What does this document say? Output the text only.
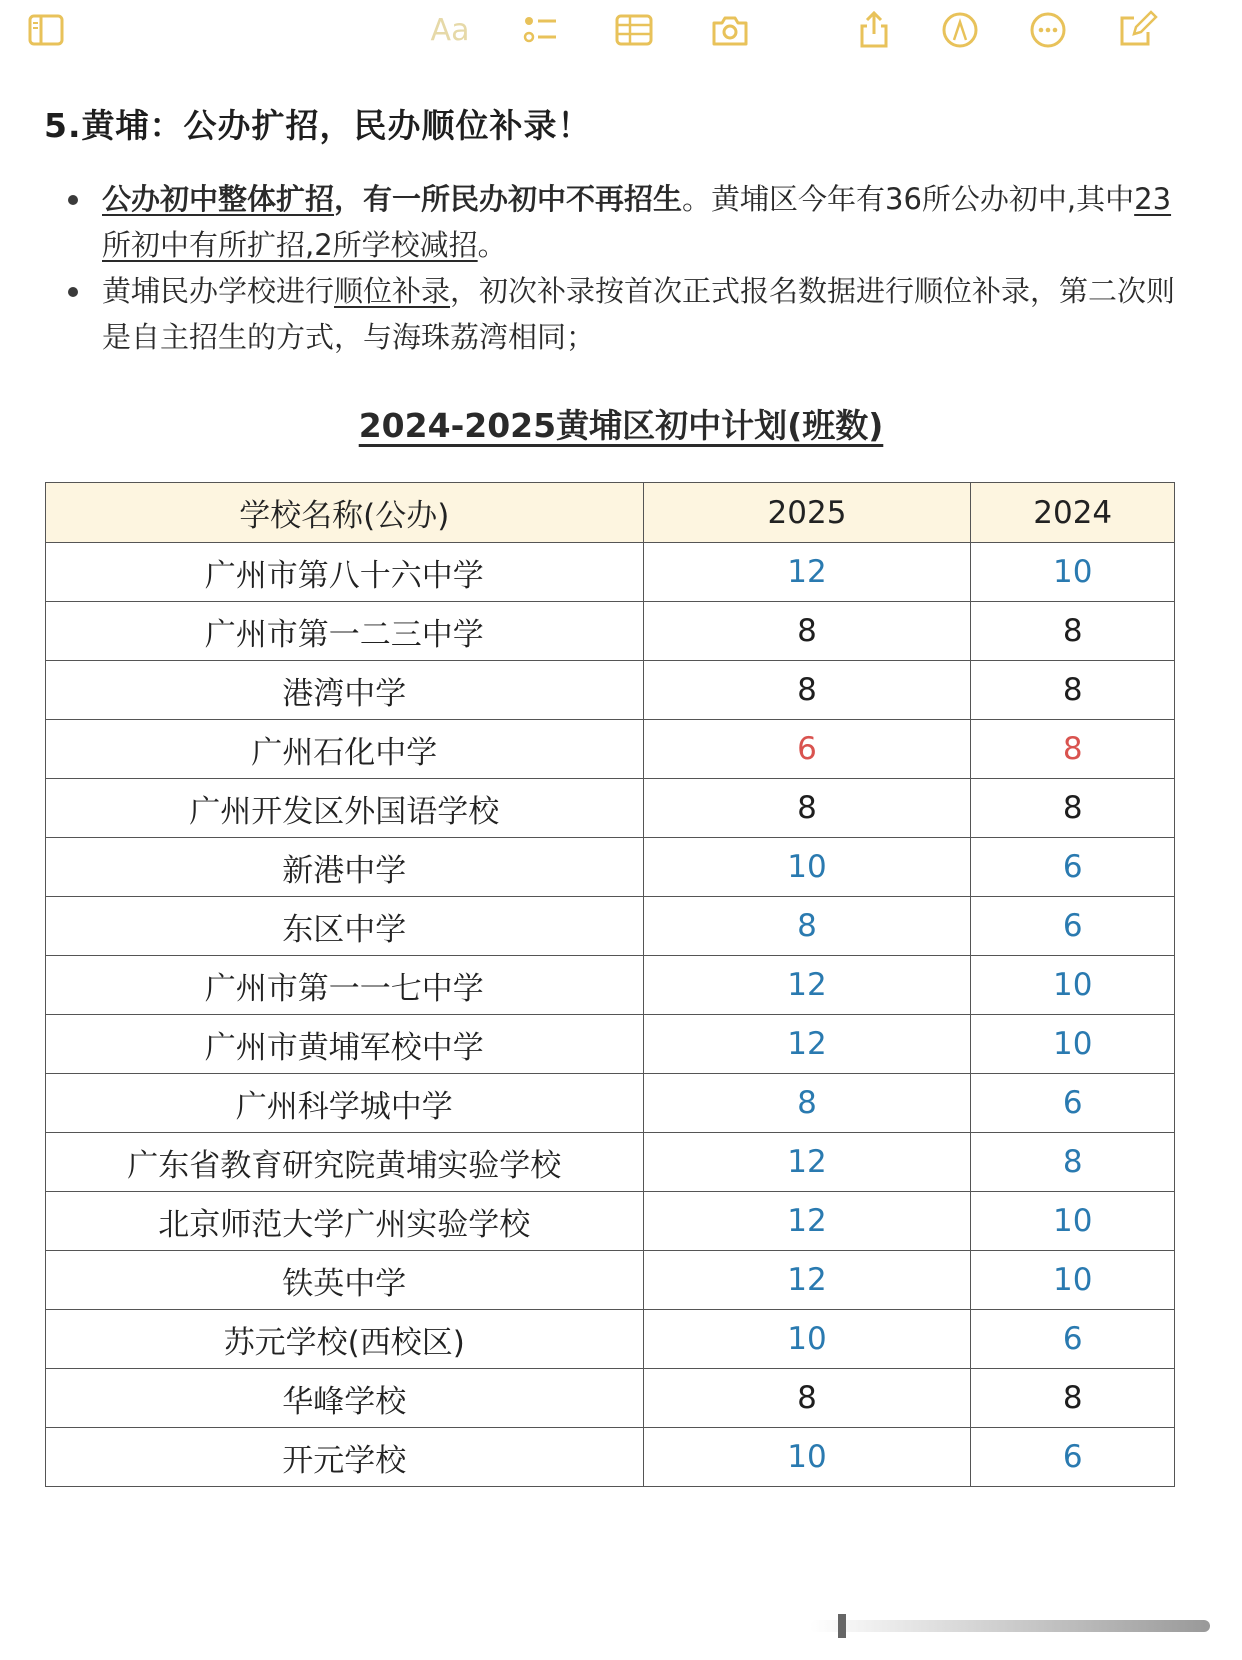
Aa
5.黄埔：公办扩招，民办顺位补录！
公办初中整体扩招，有一所民办初中不再招生。黄埔区今年有36所公办初中,其中23所初中有所扩招,2所学校减招。
黄埔民办学校进行顺位补录，初次补录按首次正式报名数据进行顺位补录，第二次则是自主招生的方式，与海珠荔湾相同；
2024-2025黄埔区初中计划(班数)
学校名称(公办)	2025	2024
广州市第八十六中学	12	10
广州市第一二三中学	8	8
港湾中学	8	8
广州石化中学	6	8
广州开发区外国语学校	8	8
新港中学	10	6
东区中学	8	6
广州市第一一七中学	12	10
广州市黄埔军校中学	12	10
广州科学城中学	8	6
广东省教育研究院黄埔实验学校	12	8
北京师范大学广州实验学校	12	10
铁英中学	12	10
苏元学校(西校区)	10	6
华峰学校	8	8
开元学校	10	6
